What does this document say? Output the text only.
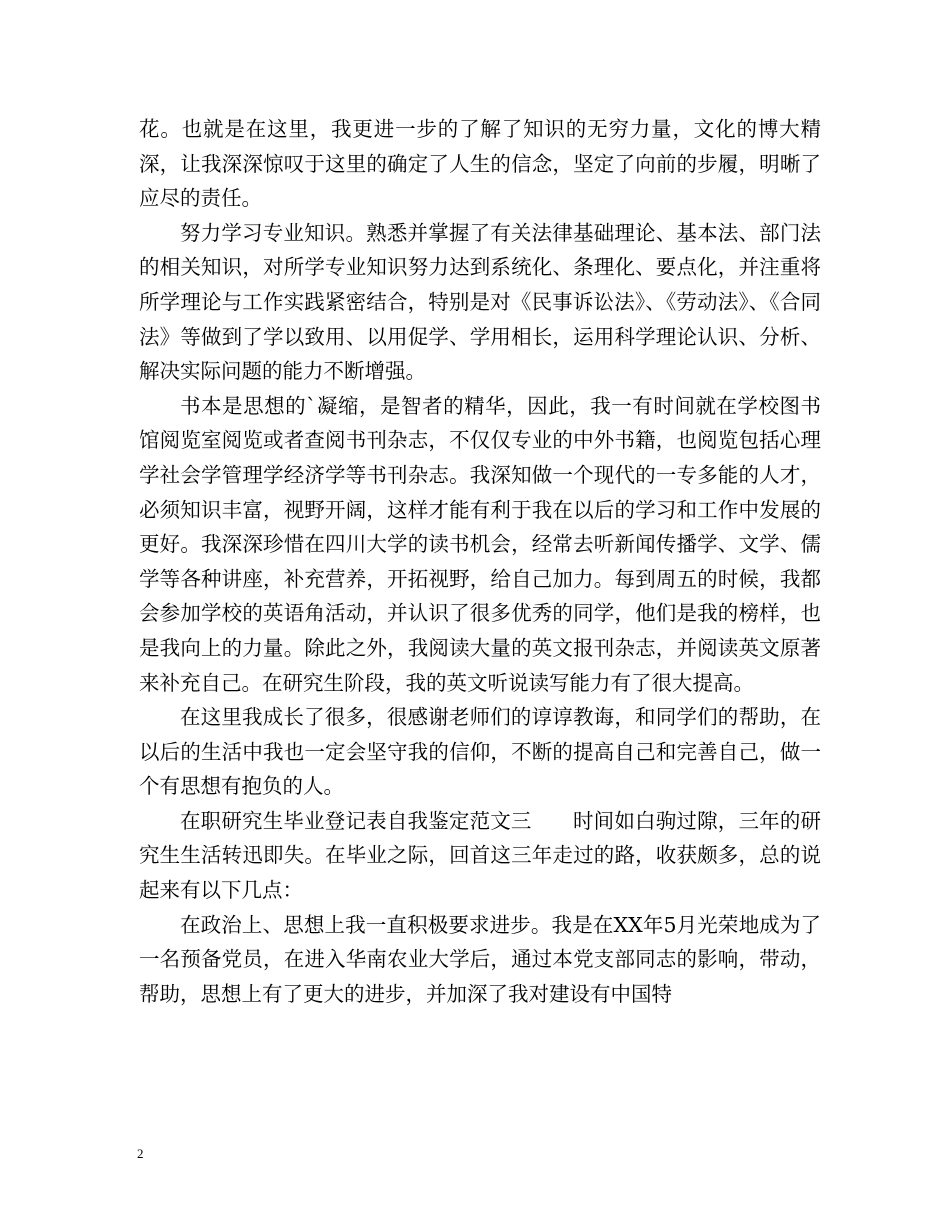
花。也就是在这里，我更进一步的了解了知识的无穷力量，文化的博大精深，让我深深惊叹于这里的确定了人生的信念，坚定了向前的步履，明晰了应尽的责任。

努力学习专业知识。熟悉并掌握了有关法律基础理论、基本法、部门法的相关知识，对所学专业知识努力达到系统化、条理化、要点化，并注重将所学理论与工作实践紧密结合，特别是对《民事诉讼法》、《劳动法》、《合同法》等做到了学以致用、以用促学、学用相长，运用科学理论认识、分析、解决实际问题的能力不断增强。

书本是思想的`凝缩，是智者的精华，因此，我一有时间就在学校图书馆阅览室阅览或者查阅书刊杂志，不仅仅专业的中外书籍，也阅览包括心理学社会学管理学经济学等书刊杂志。我深知做一个现代的一专多能的人才，必须知识丰富，视野开阔，这样才能有利于我在以后的学习和工作中发展的更好。我深深珍惜在四川大学的读书机会，经常去听新闻传播学、文学、儒学等各种讲座，补充营养，开拓视野，给自己加力。每到周五的时候，我都会参加学校的英语角活动，并认识了很多优秀的同学，他们是我的榜样，也是我向上的力量。除此之外，我阅读大量的英文报刊杂志，并阅读英文原著来补充自己。在研究生阶段，我的英文听说读写能力有了很大提高。

在这里我成长了很多，很感谢老师们的谆谆教诲，和同学们的帮助，在以后的生活中我也一定会坚守我的信仰，不断的提高自己和完善自己，做一个有思想有抱负的人。

在职研究生毕业登记表自我鉴定范文三　　时间如白驹过隙，三年的研究生生活转迅即失。在毕业之际，回首这三年走过的路，收获颇多，总的说起来有以下几点：

在政治上、思想上我一直积极要求进步。我是在XX年5月光荣地成为了一名预备党员，在进入华南农业大学后，通过本党支部同志的影响，带动，帮助，思想上有了更大的进步，并加深了我对建设有中国特

2
